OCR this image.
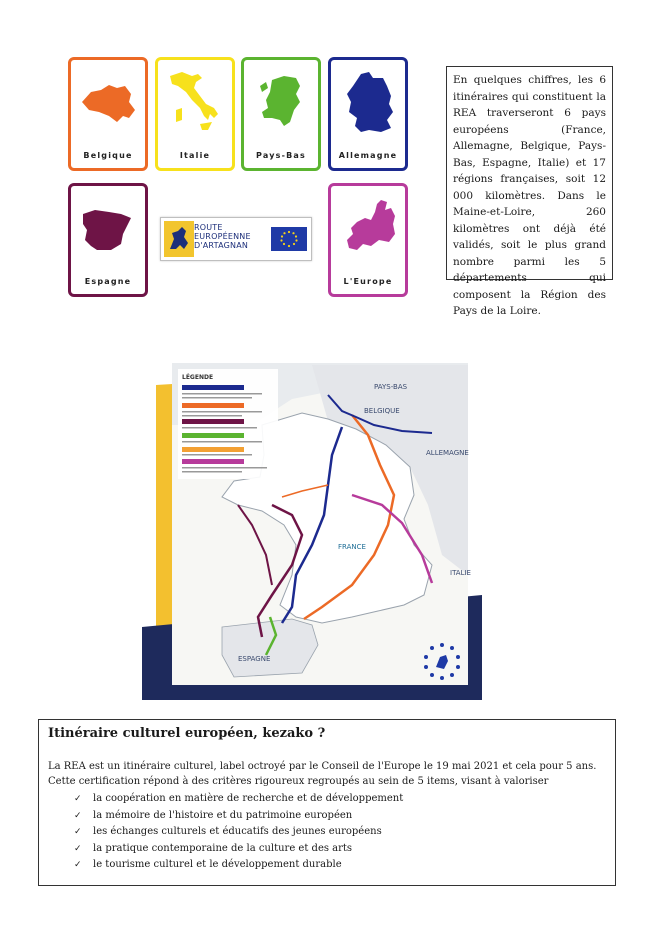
Belgique	Italie	Pays-Bas	Allemagne
Espagne
ROUTE
EUROPÉENNE
D'ARTAGNAN
L'Europe
En quelques chiffres, les 6 itinéraires qui constituent la REA traverseront 6 pays européens (France, Allemagne, Belgique, Pays-Bas, Espagne, Italie) et 17 régions françaises, soit 12 000 kilomètres. Dans le Maine-et-Loire, 260 kilomètres ont déjà été validés, soit le plus grand nombre parmi les 5 départements qui composent la Région des Pays de la Loire.
LÉGENDE
PAYS-BAS
BELGIQUE
ALLEMAGNE
FRANCE
ITALIE
ESPAGNE
Itinéraire culturel européen, kezako ?

La REA est un itinéraire culturel, label octroyé par le Conseil de l'Europe le 19 mai 2021 et cela pour 5 ans. Cette certification répond à des critères rigoureux regroupés au sein de 5 items, visant à valoriser

✓ la coopération en matière de recherche et de développement
✓ la mémoire de l'histoire et du patrimoine européen
✓ les échanges culturels et éducatifs des jeunes européens
✓ la pratique contemporaine de la culture et des arts
✓ le tourisme culturel et le développement durable
